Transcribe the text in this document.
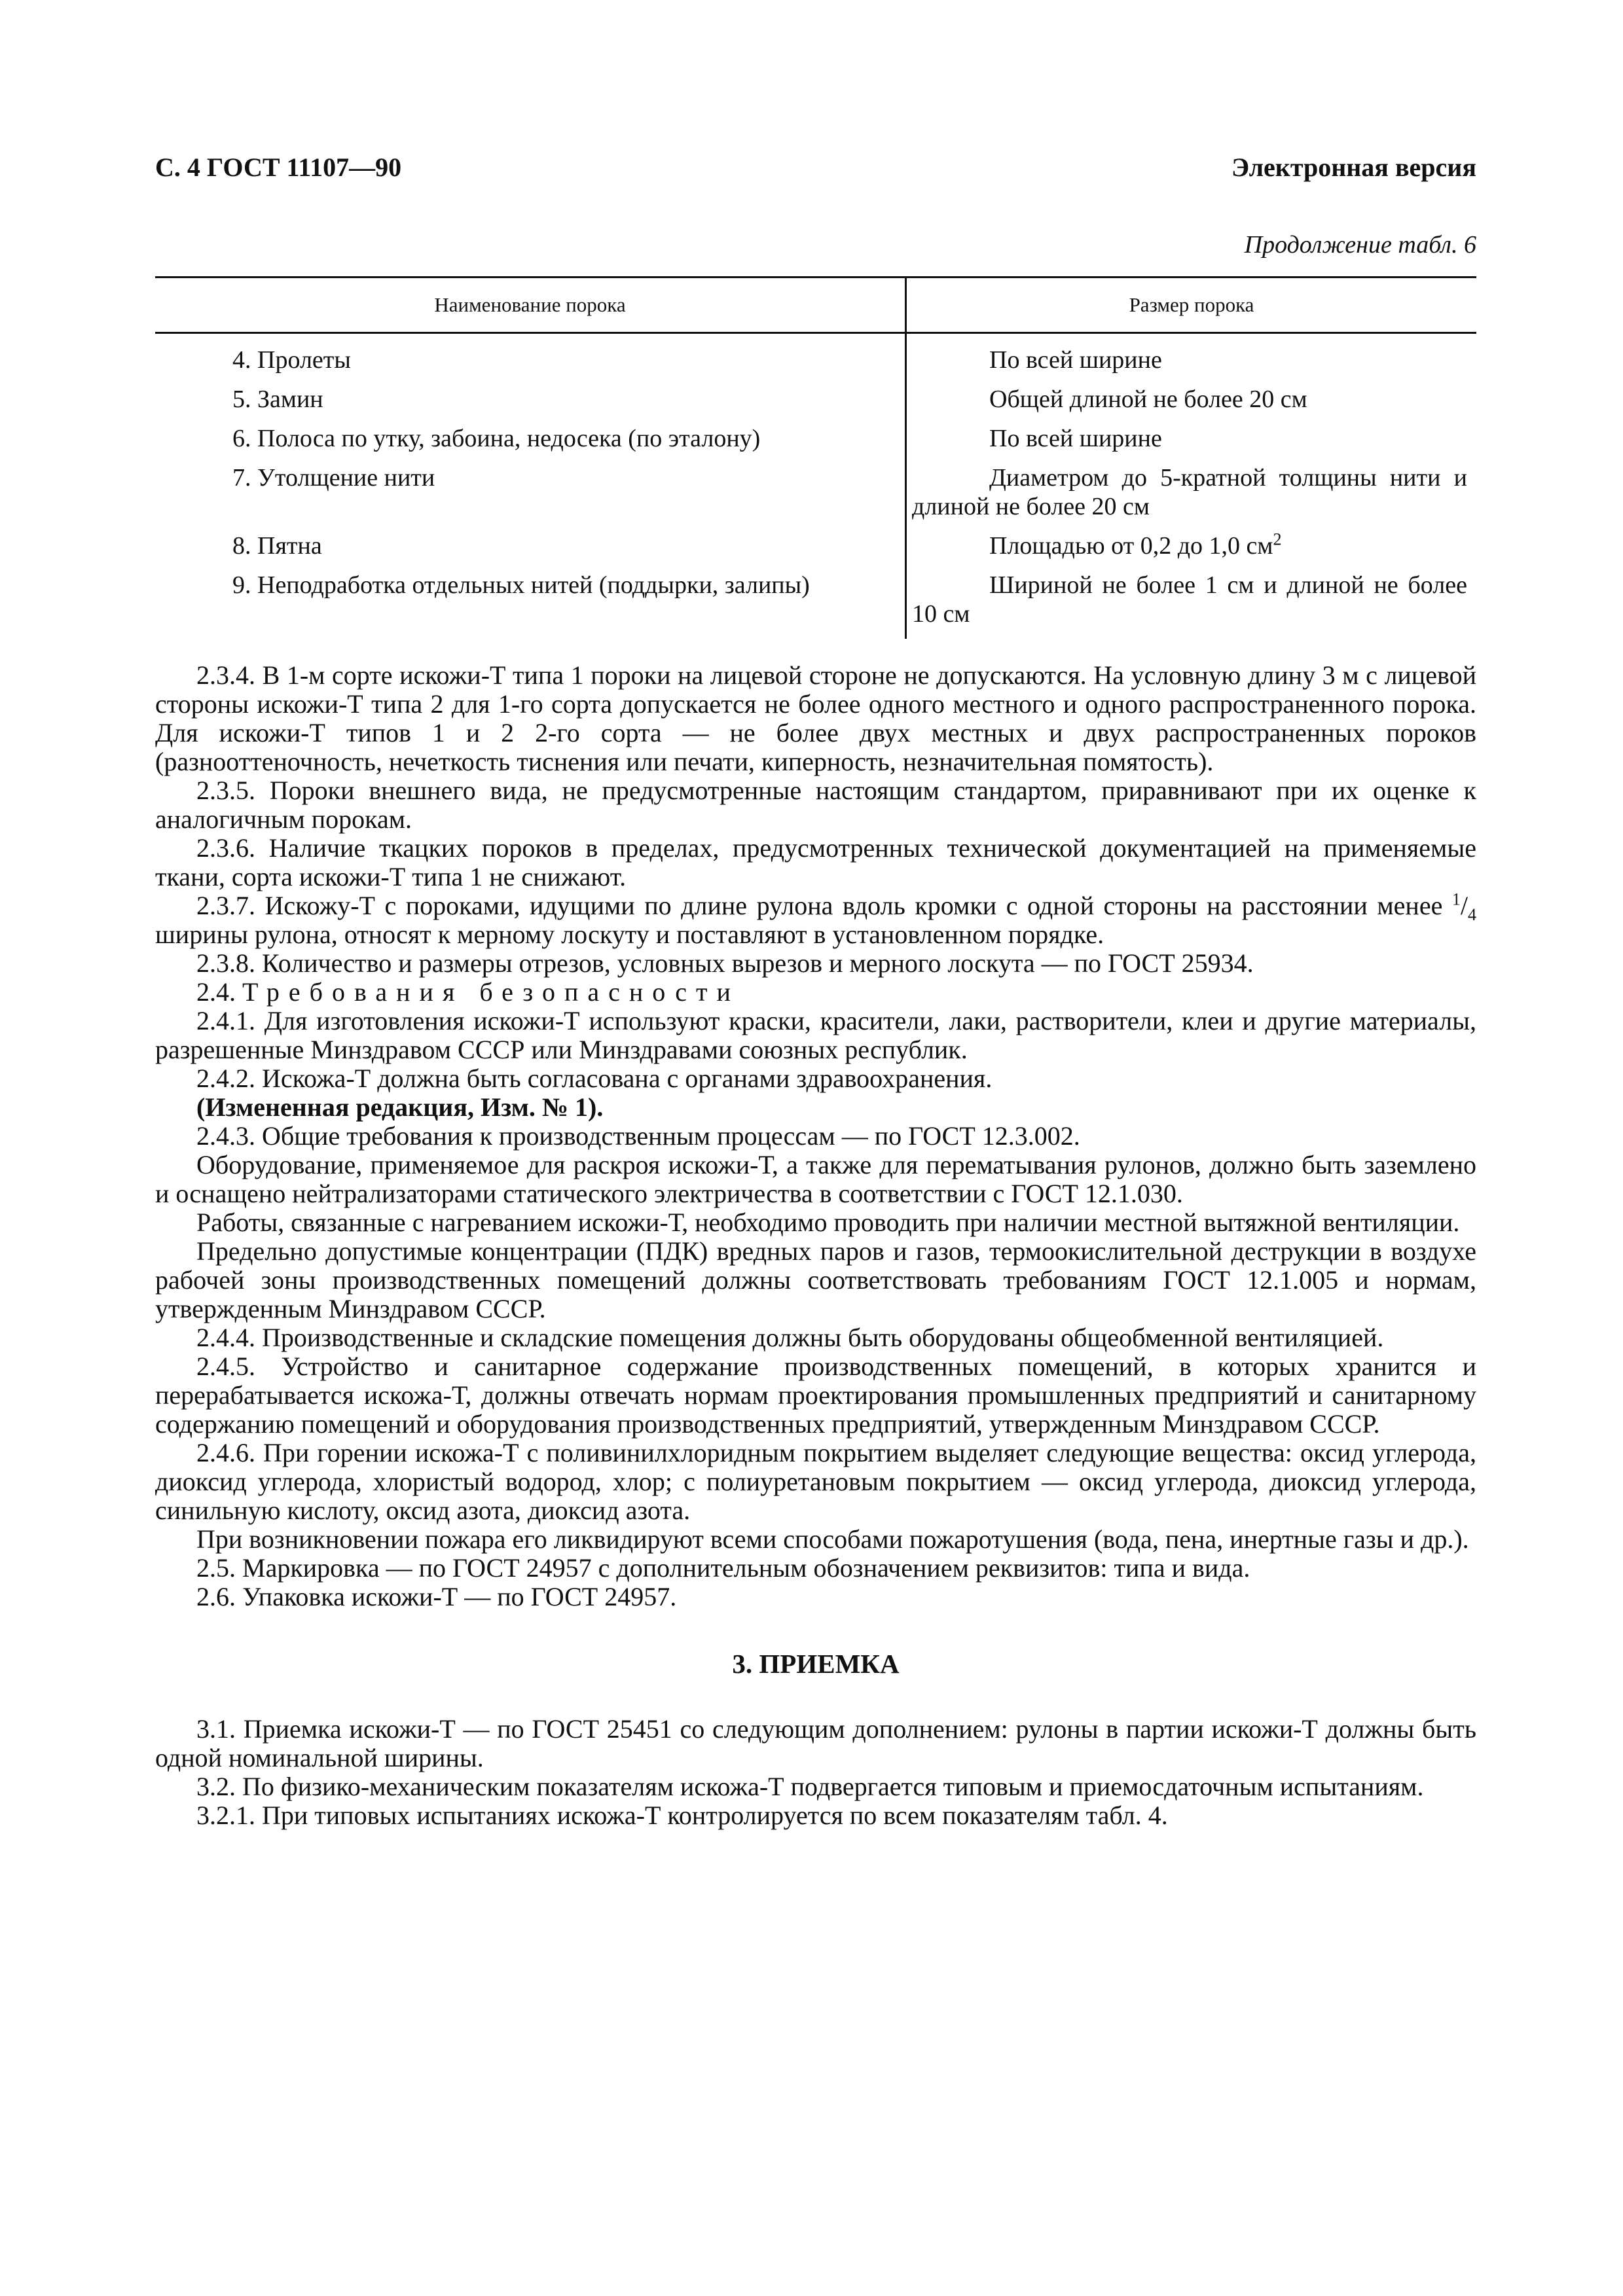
С. 4 ГОСТ 11107—90	Электронная версия
Продолжение табл. 6
Наименование порока	Размер порока
4. Пролеты	По всей ширине
5. Замин	Общей длиной не более 20 см
6. Полоса по утку, забоина, недосека (по эталону)	По всей ширине
7. Утолщение нити	Диаметром до 5-кратной толщины нити и длиной не более 20 см
8. Пятна	Площадью от 0,2 до 1,0 $см^2$
9. Неподработка отдельных нитей (поддырки, залипы)	Шириной не более 1 см и длиной не более 10 см

2.3.4. В 1-м сорте искожи-Т типа 1 пороки на лицевой стороне не допускаются. На условную длину 3 м с лицевой стороны искожи-Т типа 2 для 1-го сорта допускается не более одного местного и одного распространенного порока. Для искожи-Т типов 1 и 2 2-го сорта — не более двух местных и двух распространенных пороков (разнооттеночность, нечеткость тиснения или печати, киперность, незначительная помятость).

2.3.5. Пороки внешнего вида, не предусмотренные настоящим стандартом, приравнивают при их оценке к аналогичным порокам.

2.3.6. Наличие ткацких пороков в пределах, предусмотренных технической документацией на применяемые ткани, сорта искожи-Т типа 1 не снижают.

2.3.7. Искожу-Т с пороками, идущими по длине рулона вдоль кромки с одной стороны на расстоянии менее $^1/_4$ ширины рулона, относят к мерному лоскуту и поставляют в установленном порядке.

2.3.8. Количество и размеры отрезов, условных вырезов и мерного лоскута — по ГОСТ 25934.

2.4. Требования безопасности

2.4.1. Для изготовления искожи-Т используют краски, красители, лаки, растворители, клеи и другие материалы, разрешенные Минздравом СССР или Минздравами союзных республик.

2.4.2. Искожа-Т должна быть согласована с органами здравоохранения.

(Измененная редакция, Изм. № 1).

2.4.3. Общие требования к производственным процессам — по ГОСТ 12.3.002.

Оборудование, применяемое для раскроя искожи-Т, а также для перематывания рулонов, должно быть заземлено и оснащено нейтрализаторами статического электричества в соответствии с ГОСТ 12.1.030.

Работы, связанные с нагреванием искожи-Т, необходимо проводить при наличии местной вытяжной вентиляции.

Предельно допустимые концентрации (ПДК) вредных паров и газов, термоокислительной деструкции в воздухе рабочей зоны производственных помещений должны соответствовать требованиям ГОСТ 12.1.005 и нормам, утвержденным Минздравом СССР.

2.4.4. Производственные и складские помещения должны быть оборудованы общеобменной вентиляцией.

2.4.5. Устройство и санитарное содержание производственных помещений, в которых хранится и перерабатывается искожа-Т, должны отвечать нормам проектирования промышленных предприятий и санитарному содержанию помещений и оборудования производственных предприятий, утвержденным Минздравом СССР.

2.4.6. При горении искожа-Т с поливинилхлоридным покрытием выделяет следующие вещества: оксид углерода, диоксид углерода, хлористый водород, хлор; с полиуретановым покрытием — оксид углерода, диоксид углерода, синильную кислоту, оксид азота, диоксид азота.

При возникновении пожара его ликвидируют всеми способами пожаротушения (вода, пена, инертные газы и др.).

2.5. Маркировка — по ГОСТ 24957 с дополнительным обозначением реквизитов: типа и вида.

2.6. Упаковка искожи-Т — по ГОСТ 24957.

3. ПРИЕМКА

3.1. Приемка искожи-Т — по ГОСТ 25451 со следующим дополнением: рулоны в партии искожи-Т должны быть одной номинальной ширины.

3.2. По физико-механическим показателям искожа-Т подвергается типовым и приемосдаточным испытаниям.

3.2.1. При типовых испытаниях искожа-Т контролируется по всем показателям табл. 4.
